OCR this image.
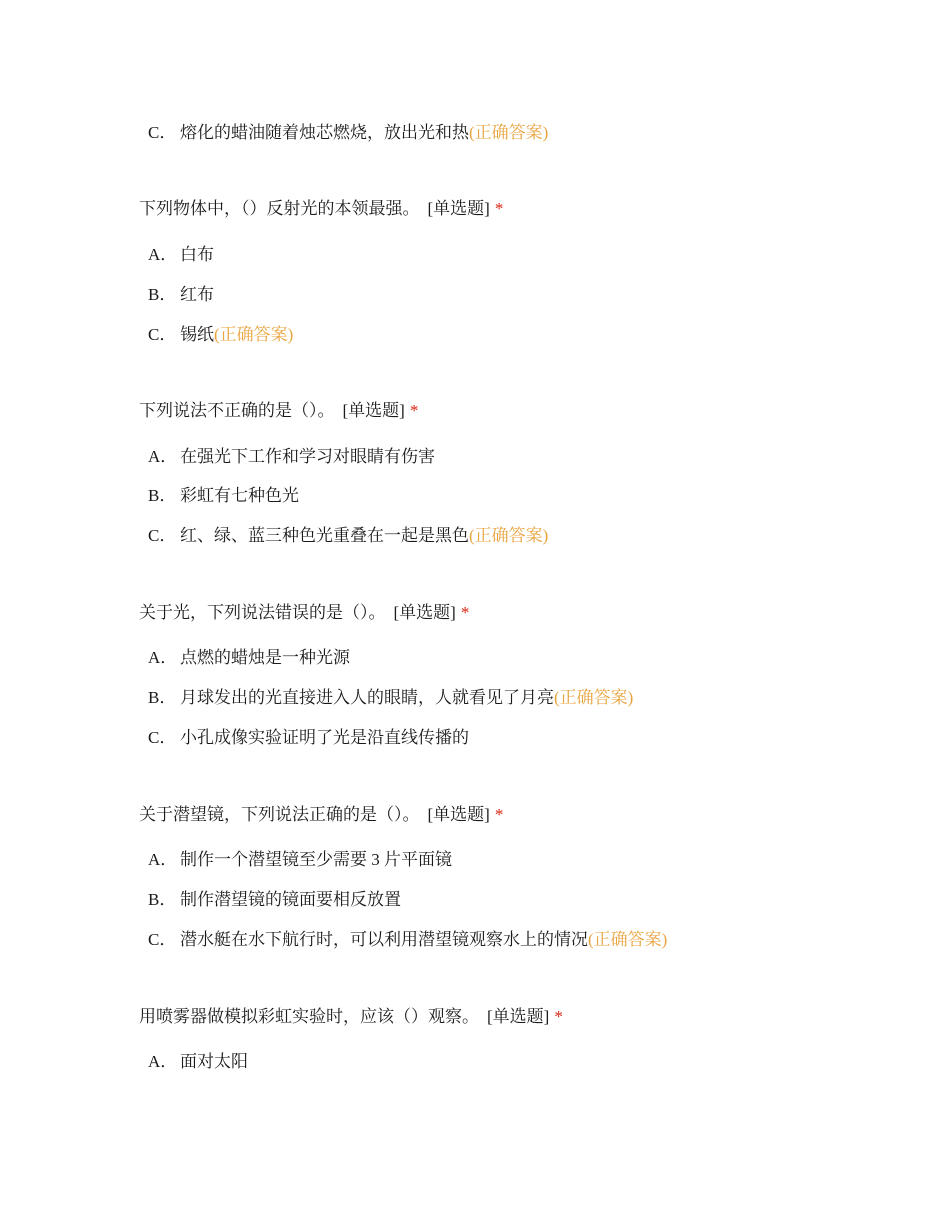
C． 熔化的蜡油随着烛芯燃烧，放出光和热(正确答案)
下列物体中，（）反射光的本领最强。 [单选题] *
A． 白布
B． 红布
C． 锡纸(正确答案)
下列说法不正确的是（）。 [单选题] *
A． 在强光下工作和学习对眼睛有伤害
B． 彩虹有七种色光
C． 红、绿、蓝三种色光重叠在一起是黑色(正确答案)
关于光，下列说法错误的是（）。 [单选题] *
A． 点燃的蜡烛是一种光源
B． 月球发出的光直接进入人的眼睛，人就看见了月亮(正确答案)
C． 小孔成像实验证明了光是沿直线传播的
关于潜望镜，下列说法正确的是（）。 [单选题] *
A． 制作一个潜望镜至少需要 3 片平面镜
B． 制作潜望镜的镜面要相反放置
C． 潜水艇在水下航行时，可以利用潜望镜观察水上的情况(正确答案)
用喷雾器做模拟彩虹实验时，应该（）观察。 [单选题] *
A． 面对太阳
